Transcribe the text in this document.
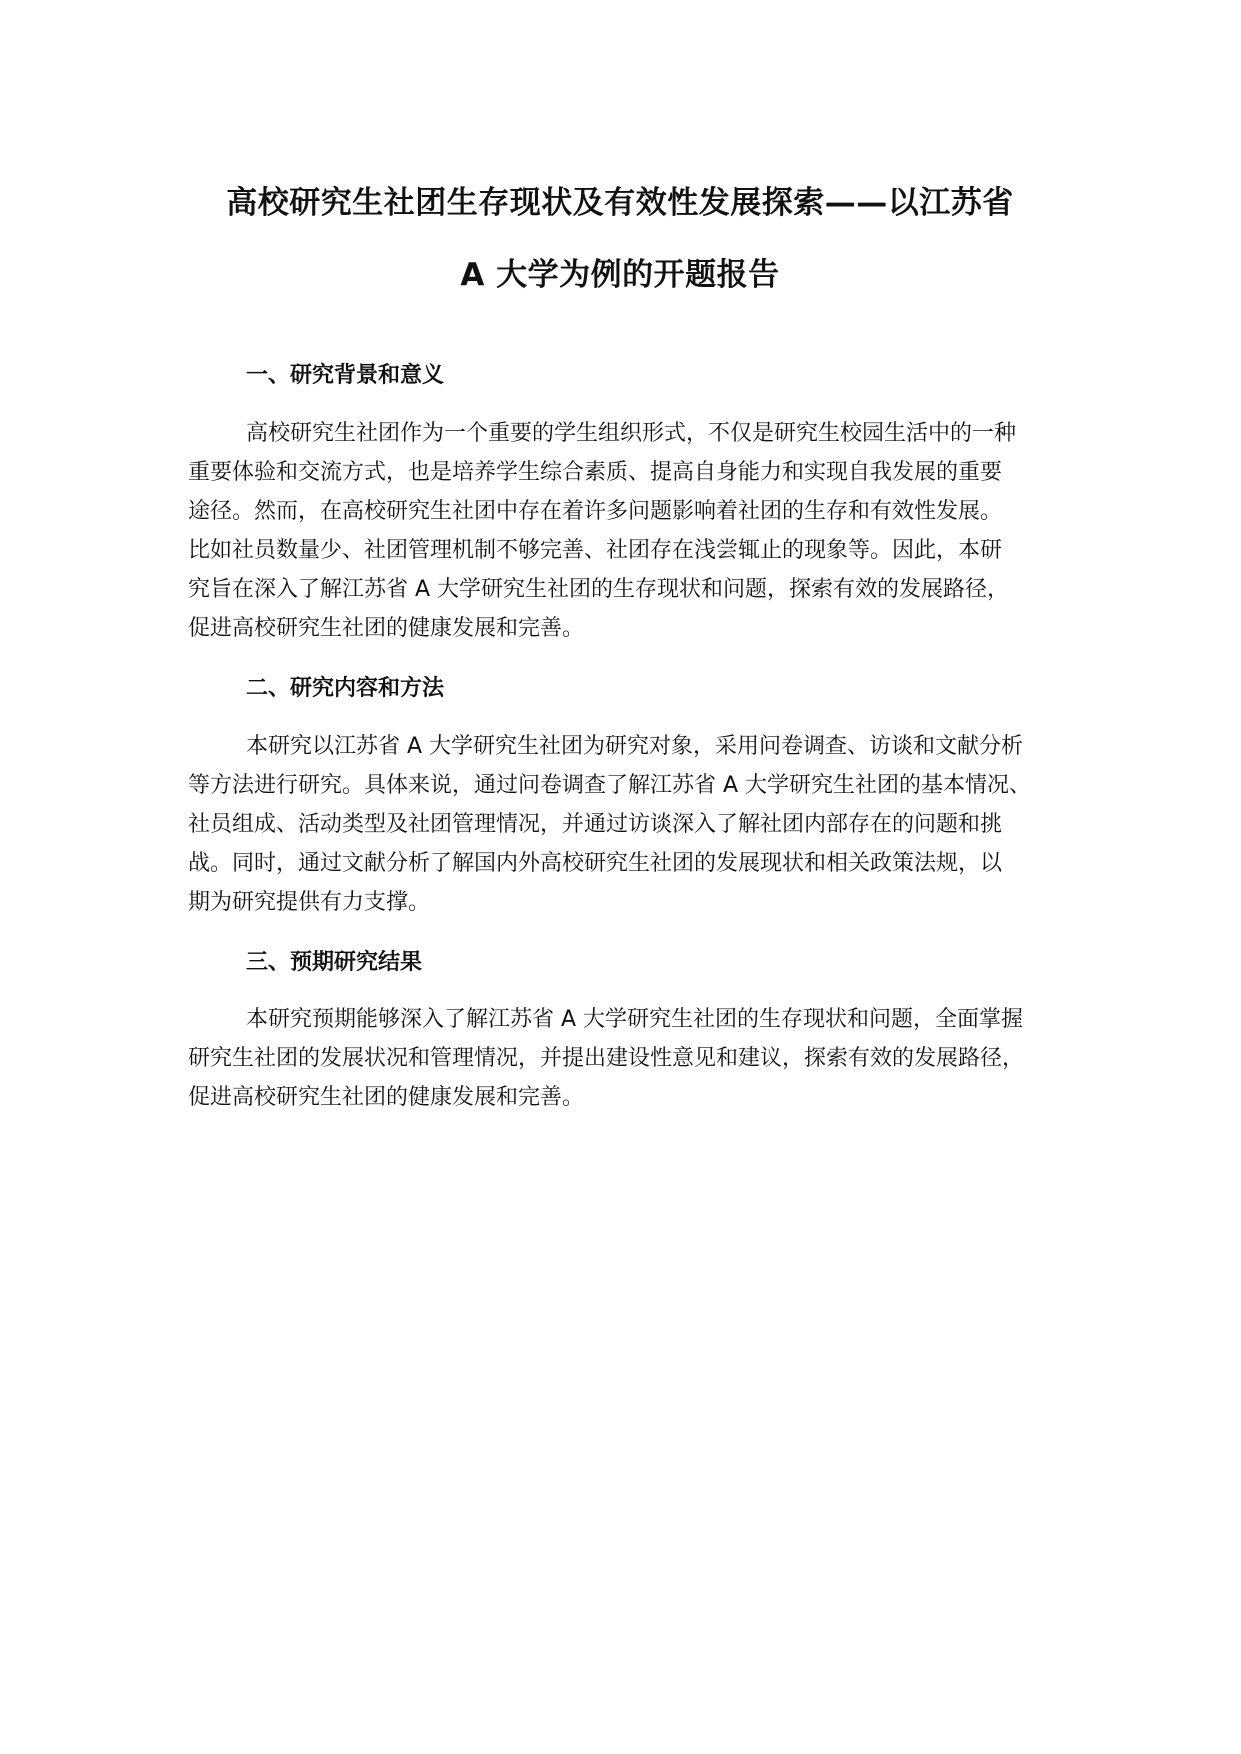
高校研究生社团生存现状及有效性发展探索——以江苏省
A 大学为例的开题报告
一、研究背景和意义
高校研究生社团作为一个重要的学生组织形式，不仅是研究生校园生活中的一种
重要体验和交流方式，也是培养学生综合素质、提高自身能力和实现自我发展的重要
途径。然而，在高校研究生社团中存在着许多问题影响着社团的生存和有效性发展。
比如社员数量少、社团管理机制不够完善、社团存在浅尝辄止的现象等。因此，本研
究旨在深入了解江苏省 A 大学研究生社团的生存现状和问题，探索有效的发展路径，
促进高校研究生社团的健康发展和完善。
二、研究内容和方法
本研究以江苏省 A 大学研究生社团为研究对象，采用问卷调查、访谈和文献分析
等方法进行研究。具体来说，通过问卷调查了解江苏省 A 大学研究生社团的基本情况、
社员组成、活动类型及社团管理情况，并通过访谈深入了解社团内部存在的问题和挑
战。同时，通过文献分析了解国内外高校研究生社团的发展现状和相关政策法规，以
期为研究提供有力支撑。
三、预期研究结果
本研究预期能够深入了解江苏省 A 大学研究生社团的生存现状和问题，全面掌握
研究生社团的发展状况和管理情况，并提出建设性意见和建议，探索有效的发展路径，
促进高校研究生社团的健康发展和完善。
